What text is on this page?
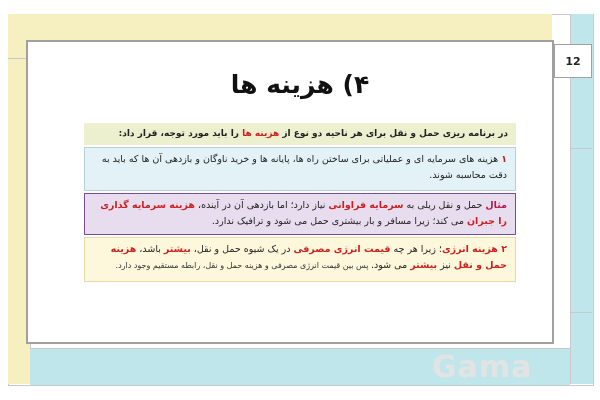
12
۴) هزینه ها
در برنامه ریزی حمل و نقل برای هر ناحیه دو نوع از هزینه ها را باید مورد توجه، قرار داد:
۱ هزینه های سرمایه ای و عملیاتی برای ساختن راه ها، پایانه ها و خرید ناوگان و بازدهی آن ها که باید به دقت محاسبه شوند.
مثال حمل و نقل ریلی به سرمایه فراوانی نیاز دارد؛ اما بازدهی آن در آینده، هزینه سرمایه گذاری را جبران می کند؛ زیرا مسافر و بار بیشتری حمل می شود و ترافیک ندارد.
۲ هزینه انرژی؛ زیرا هر چه قیمت انرژی مصرفی در یک شیوه حمل و نقل، بیشتر باشد، هزینه حمل و نقل نیز بیشتر می شود. پس بین قیمت انرژی مصرفی و هزینه حمل و نقل، رابطه مستقیم وجود دارد.
Gama
